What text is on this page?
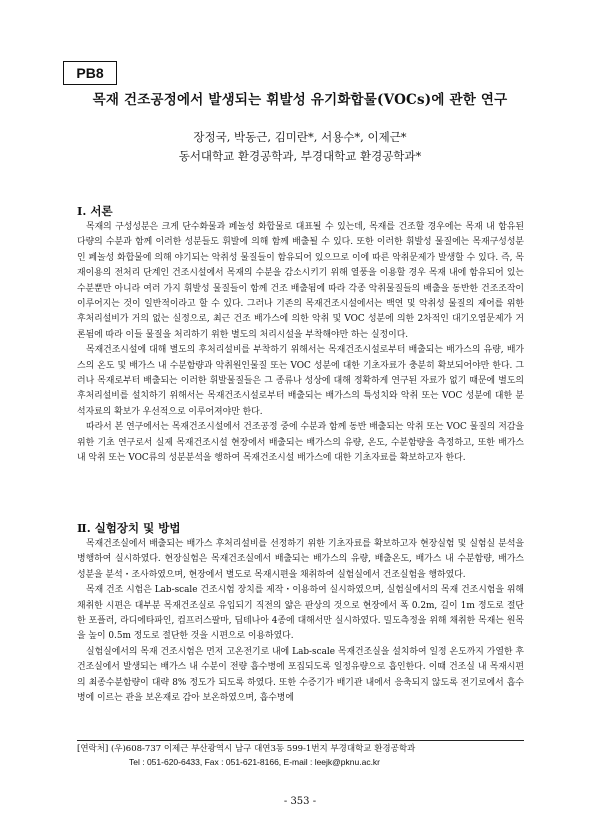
PB8
목재 건조공정에서 발생되는 휘발성 유기화합물(VOCs)에 관한 연구
장정국, 박동근, 김미란*, 서용수*, 이제근*
동서대학교 환경공학과, 부경대학교 환경공학과*
Ⅰ. 서론

목재의 구성성분은 크게 단수화물과 페놀성 화합물로 대표될 수 있는데, 목재를 건조할 경우에는 목재 내 함유된 다량의 수분과 함께 이러한 성분들도 휘발에 의해 함께 배출될 수 있다. 또한 이러한 휘발성 물질에는 목재구성성분인 페놀성 화합물에 의해 야기되는 악취성 물질들이 함유되어 있으므로 이에 따른 악취문제가 발생할 수 있다. 즉, 목재이용의 전처리 단계인 건조시설에서 목재의 수분을 감소시키기 위해 열풍을 이용할 경우 목재 내에 함유되어 있는 수분뿐만 아니라 여러 가지 휘발성 물질들이 함께 건조 배출됨에 따라 각종 악취물질들의 배출을 동반한 건조조작이 이루어지는 것이 일반적이라고 할 수 있다. 그러나 기존의 목재건조시설에서는 백연 및 악취성 물질의 제어를 위한 후처리설비가 거의 없는 실정으로, 최근 건조 배가스에 의한 악취 및 VOC 성분에 의한 2차적인 대기오염문제가 거론됨에 따라 이들 물질을 처리하기 위한 별도의 처리시설을 부착해야만 하는 실정이다.

목재건조시설에 대해 별도의 후처리설비를 부착하기 위해서는 목재건조시설로부터 배출되는 배가스의 유량, 배가스의 온도 및 배가스 내 수분함량과 악취원인물질 또는 VOC 성분에 대한 기초자료가 충분히 확보되어야만 한다. 그러나 목재로부터 배출되는 이러한 휘발물질들은 그 종류나 성상에 대해 정확하게 연구된 자료가 없기 때문에 별도의 후처리설비를 설치하기 위해서는 목재건조시설로부터 배출되는 배가스의 특성치와 악취 또는 VOC 성분에 대한 분석자료의 확보가 우선적으로 이루어져야만 한다.

따라서 본 연구에서는 목재건조시설에서 건조공정 중에 수분과 함께 동반 배출되는 악취 또는 VOC 물질의 저감을 위한 기초 연구로서 실제 목재건조시설 현장에서 배출되는 배가스의 유량, 온도, 수분함량을 측정하고, 또한 배가스 내 악취 또는 VOC류의 성분분석을 행하여 목재건조시설 배가스에 대한 기초자료를 확보하고자 한다.

Ⅱ. 실험장치 및 방법

목재건조실에서 배출되는 배가스 후처리설비를 선정하기 위한 기초자료를 확보하고자 현장실험 및 실험실 분석을 병행하여 실시하였다. 현장실험은 목재건조실에서 배출되는 배가스의 유량, 배출온도, 배가스 내 수분함량, 배가스 성분을 분석・조사하였으며, 현장에서 별도로 목재시편을 채취하여 실험실에서 건조실험을 행하였다.

목재 건조 시험은 Lab-scale 건조시험 장치를 제작・이용하여 실시하였으며, 실험실에서의 목재 건조시험을 위해 채취한 시편은 대부분 목재건조실로 유입되기 직전의 얇은 판상의 것으로 현장에서 폭 0.2m, 길이 1m 정도로 절단한 포플러, 라디에타파인, 컴프러스팔마, 딥테나아 4종에 대해서만 실시하였다. 밀도측정을 위해 채취한 목재는 원목을 높이 0.5m 정도로 절단한 것을 시편으로 이용하였다.

실험실에서의 목재 건조시험은 먼저 고온전기로 내에 Lab-scale 목재건조실을 설치하여 일정 온도까지 가열한 후 건조실에서 발생되는 배가스 내 수분이 전량 흡수병에 포집되도록 일정유량으로 흡인한다. 이때 건조실 내 목재시편의 최종수분함량이 대략 8% 정도가 되도록 하였다. 또한 수증기가 배기관 내에서 응축되지 않도록 전기로에서 흡수병에 이르는 관을 보온재로 감아 보온하였으며, 흡수병에

[연락처] (우)608-737 이제근 부산광역시 남구 대연3동 599-1번지 부경대학교 환경공학과
Tel : 051-620-6433, Fax : 051-621-8166, E-mail : leejk@pknu.ac.kr
- 353 -
